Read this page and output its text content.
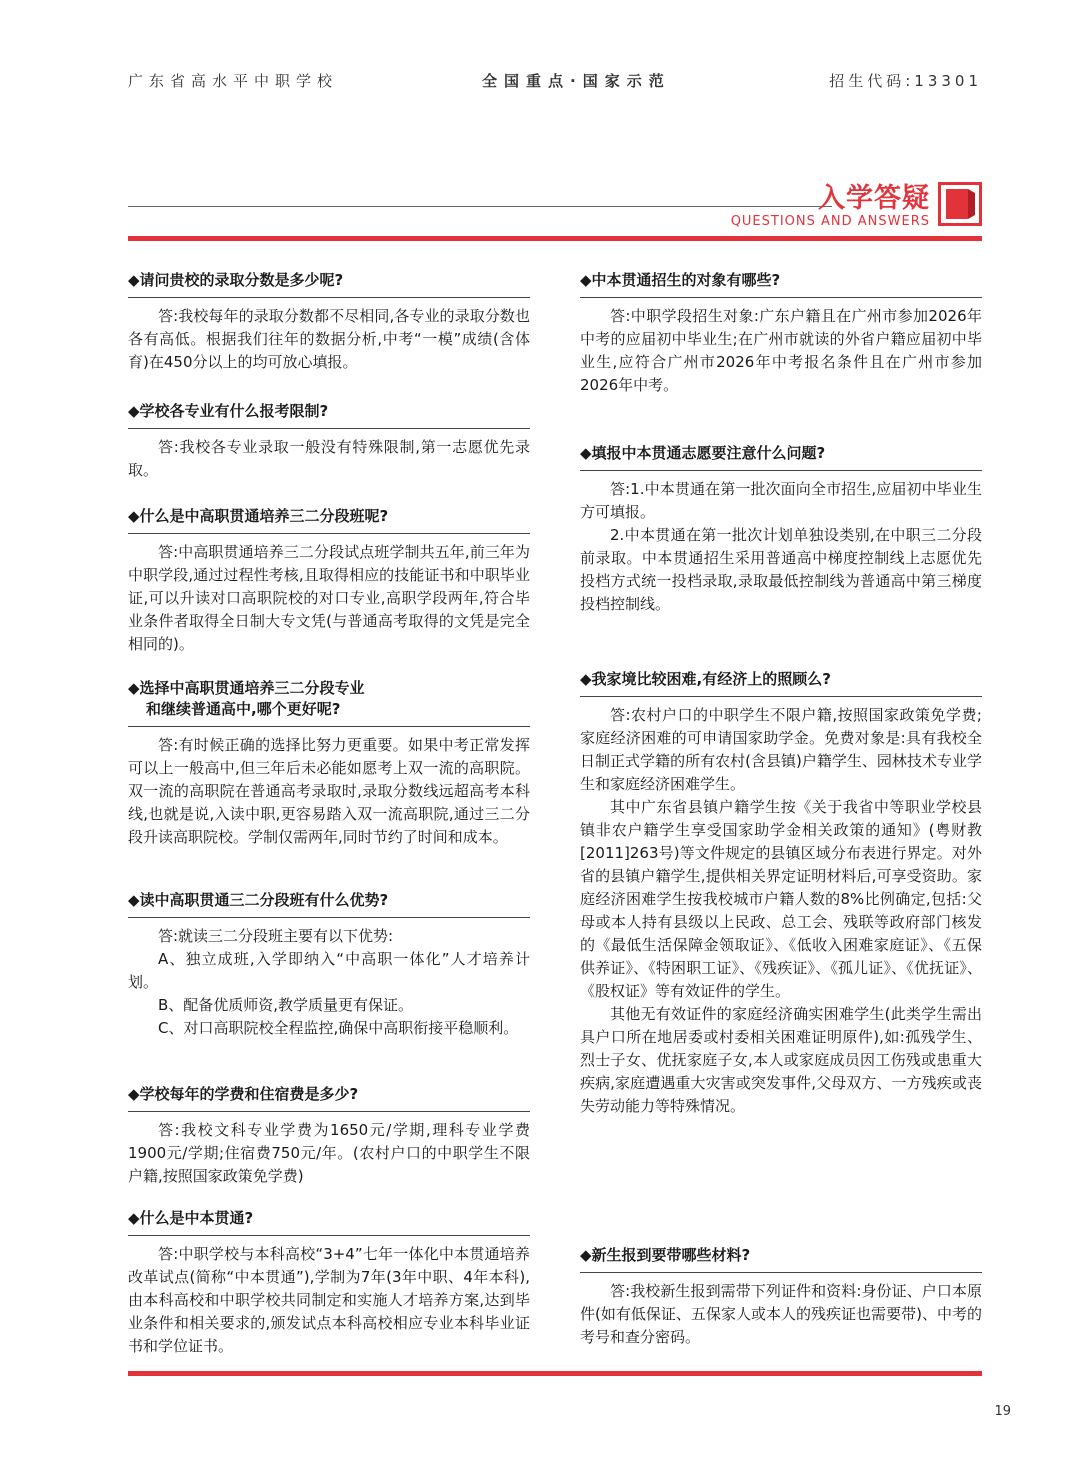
广东省高水平中职学校	全国重点·国家示范	招生代码:13301
入学答疑
QUESTIONS AND ANSWERS
◆请问贵校的录取分数是多少呢?

答:我校每年的录取分数都不尽相同,各专业的录取分数也各有高低。根据我们往年的数据分析,中考“一模”成绩(含体育)在450分以上的均可放心填报。

◆学校各专业有什么报考限制?

答:我校各专业录取一般没有特殊限制,第一志愿优先录取。

◆什么是中高职贯通培养三二分段班呢?

答:中高职贯通培养三二分段试点班学制共五年,前三年为中职学段,通过过程性考核,且取得相应的技能证书和中职毕业证,可以升读对口高职院校的对口专业,高职学段两年,符合毕业条件者取得全日制大专文凭(与普通高考取得的文凭是完全相同的)。

◆选择中高职贯通培养三二分段专业
和继续普通高中,哪个更好呢?

答:有时候正确的选择比努力更重要。如果中考正常发挥可以上一般高中,但三年后未必能如愿考上双一流的高职院。双一流的高职院在普通高考录取时,录取分数线远超高考本科线,也就是说,入读中职,更容易踏入双一流高职院,通过三二分段升读高职院校。学制仅需两年,同时节约了时间和成本。

◆读中高职贯通三二分段班有什么优势?

答:就读三二分段班主要有以下优势:

A、独立成班,入学即纳入“中高职一体化”人才培养计划。

B、配备优质师资,教学质量更有保证。

C、对口高职院校全程监控,确保中高职衔接平稳顺利。

◆学校每年的学费和住宿费是多少?

答:我校文科专业学费为1650元/学期,理科专业学费1900元/学期;住宿费750元/年。(农村户口的中职学生不限户籍,按照国家政策免学费)

◆什么是中本贯通?

答:中职学校与本科高校“3+4”七年一体化中本贯通培养改革试点(简称“中本贯通”),学制为7年(3年中职、4年本科),由本科高校和中职学校共同制定和实施人才培养方案,达到毕业条件和相关要求的,颁发试点本科高校相应专业本科毕业证书和学位证书。

◆中本贯通招生的对象有哪些?

答:中职学段招生对象:广东户籍且在广州市参加2026年中考的应届初中毕业生;在广州市就读的外省户籍应届初中毕业生,应符合广州市2026年中考报名条件且在广州市参加2026年中考。

◆填报中本贯通志愿要注意什么问题?

答:1.中本贯通在第一批次面向全市招生,应届初中毕业生方可填报。

2.中本贯通在第一批次计划单独设类别,在中职三二分段前录取。中本贯通招生采用普通高中梯度控制线上志愿优先投档方式统一投档录取,录取最低控制线为普通高中第三梯度投档控制线。

◆我家境比较困难,有经济上的照顾么?

答:农村户口的中职学生不限户籍,按照国家政策免学费;家庭经济困难的可申请国家助学金。免费对象是:具有我校全日制正式学籍的所有农村(含县镇)户籍学生、园林技术专业学生和家庭经济困难学生。

其中广东省县镇户籍学生按《关于我省中等职业学校县镇非农户籍学生享受国家助学金相关政策的通知》(粤财教[2011]263号)等文件规定的县镇区域分布表进行界定。对外省的县镇户籍学生,提供相关界定证明材料后,可享受资助。家庭经济困难学生按我校城市户籍人数的8%比例确定,包括:父母或本人持有县级以上民政、总工会、残联等政府部门核发的《最低生活保障金领取证》、《低收入困难家庭证》、《五保供养证》、《特困职工证》、《残疾证》、《孤儿证》、《优抚证》、《股权证》等有效证件的学生。

其他无有效证件的家庭经济确实困难学生(此类学生需出具户口所在地居委或村委相关困难证明原件),如:孤残学生、烈士子女、优抚家庭子女,本人或家庭成员因工伤残或患重大疾病,家庭遭遇重大灾害或突发事件,父母双方、一方残疾或丧失劳动能力等特殊情况。

◆新生报到要带哪些材料?

答:我校新生报到需带下列证件和资料:身份证、户口本原件(如有低保证、五保家人或本人的残疾证也需要带)、中考的考号和查分密码。

19
